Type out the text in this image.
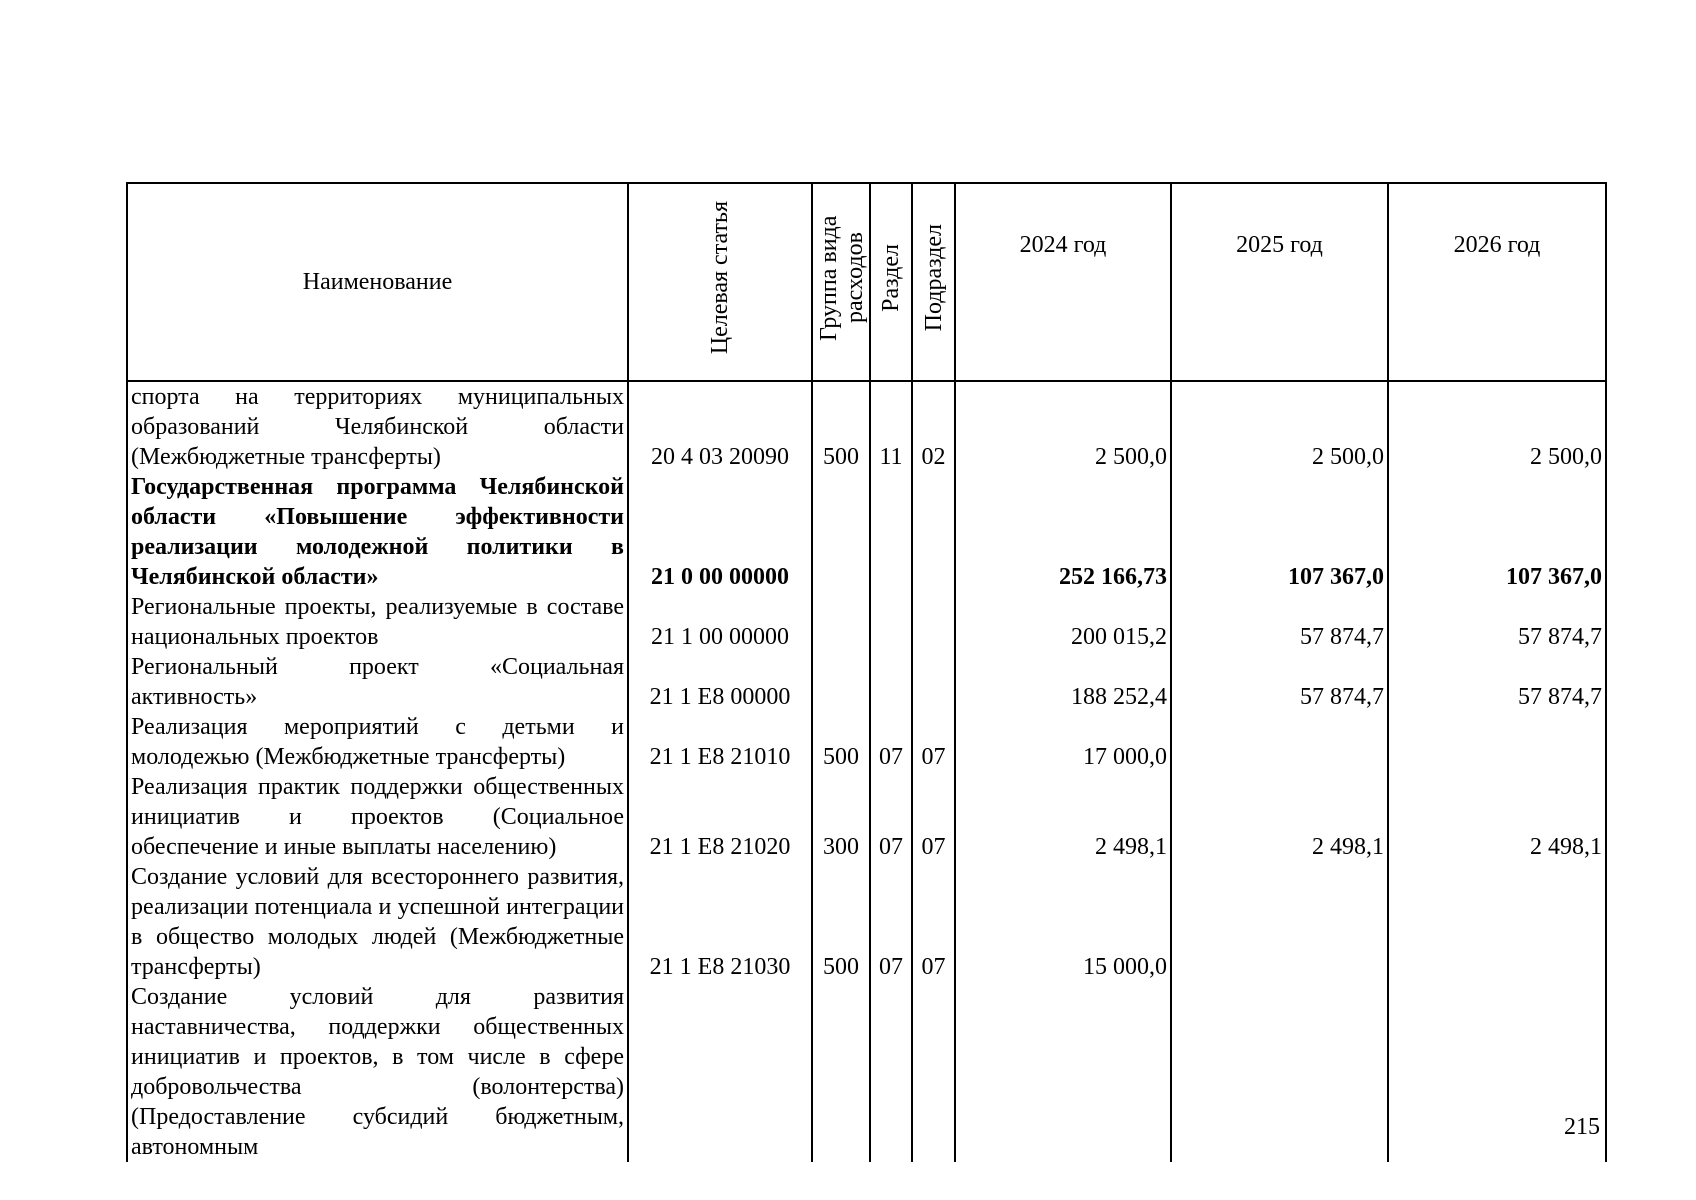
Наименование	Целевая статья	Группа вида расходов	Раздел	Подраздел	2024 год	2025 год	2026 год
спорта на территориях муниципальных образований Челябинской области (Межбюджетные трансферты)	20 4 03 20090	500	11	02	2 500,0	2 500,0	2 500,0
Государственная программа Челябинской области «Повышение эффективности реализации молодежной политики в Челябинской области»	21 0 00 00000				252 166,73	107 367,0	107 367,0
Региональные проекты, реализуемые в составе национальных проектов	21 1 00 00000				200 015,2	57 874,7	57 874,7
Региональный проект «Социальная активность»	21 1 Е8 00000				188 252,4	57 874,7	57 874,7
Реализация мероприятий с детьми и молодежью (Межбюджетные трансферты)	21 1 Е8 21010	500	07	07	17 000,0		
Реализация практик поддержки общественных инициатив и проектов (Социальное обеспечение и иные выплаты населению)	21 1 Е8 21020	300	07	07	2 498,1	2 498,1	2 498,1
Создание условий для всестороннего развития, реализации потенциала и успешной интеграции в общество молодых людей (Межбюджетные трансферты)	21 1 Е8 21030	500	07	07	15 000,0		
Создание условий для развития наставничества, поддержки общественных инициатив и проектов, в том числе в сфере добровольчества (волонтерства) (Предоставление субсидий бюджетным, автономным							
215
